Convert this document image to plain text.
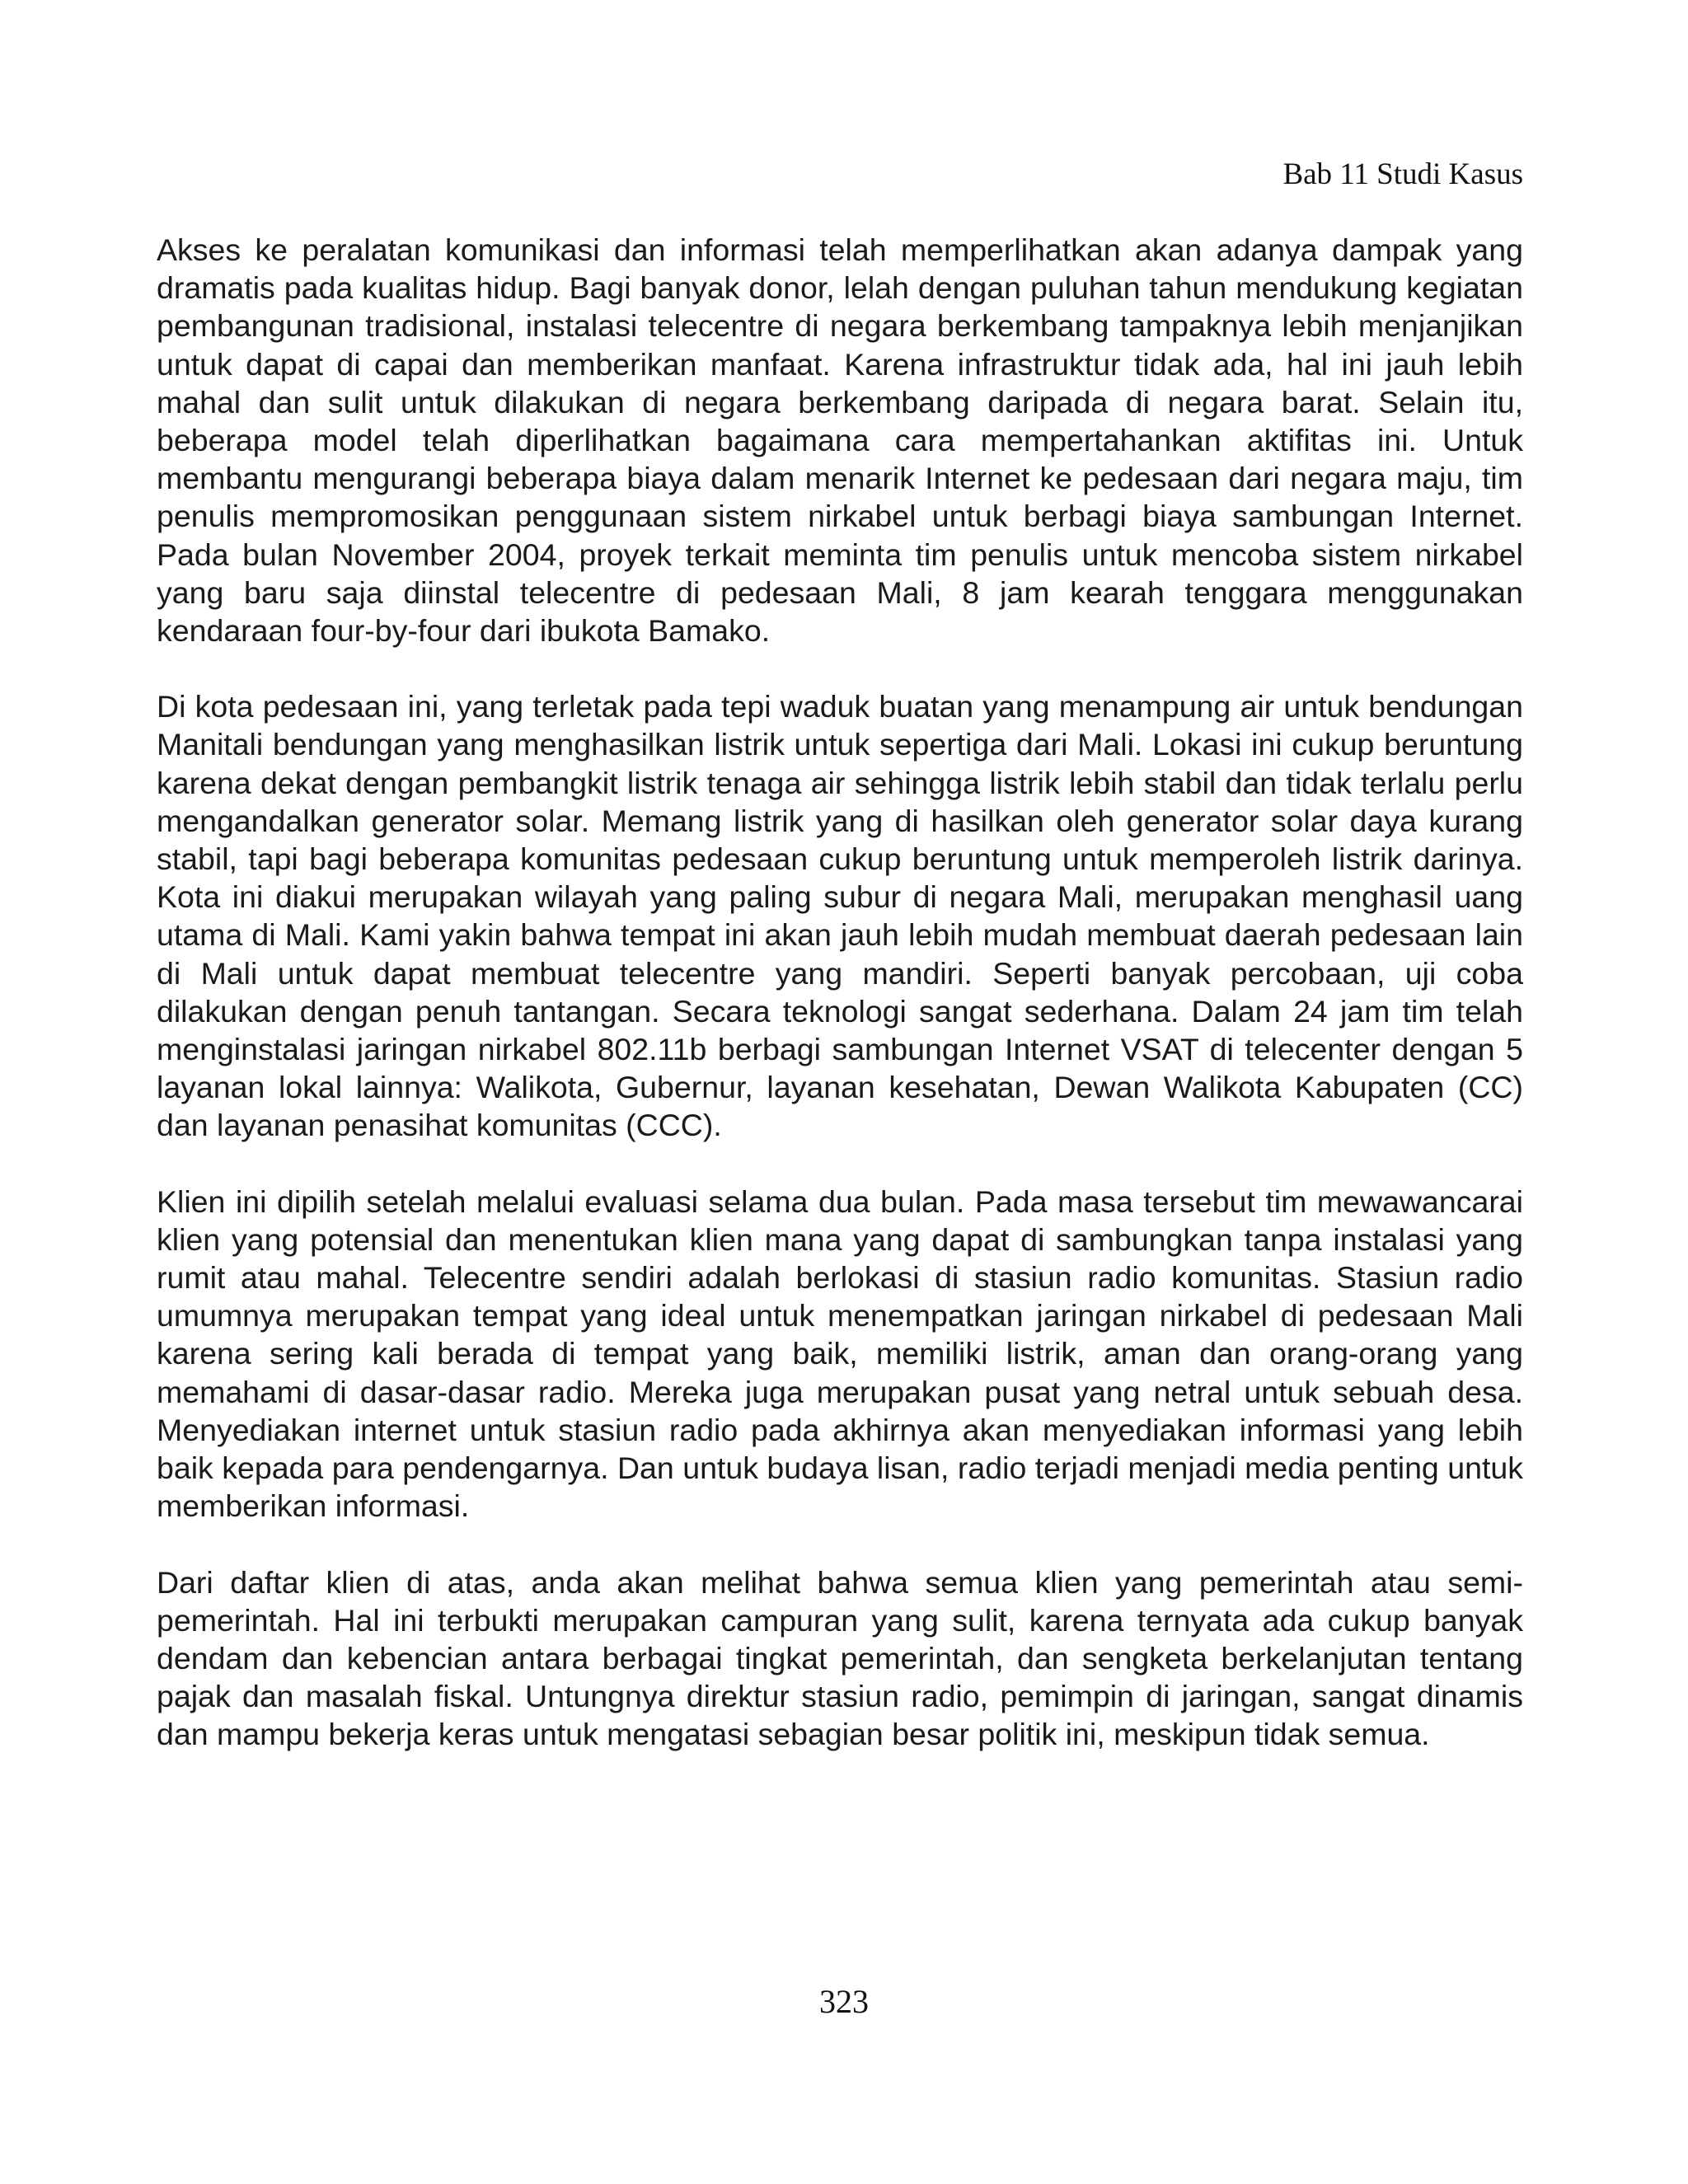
Bab 11 Studi Kasus

Akses ke peralatan komunikasi dan informasi telah memperlihatkan akan adanya dampak yang dramatis pada kualitas hidup. Bagi banyak donor, lelah dengan puluhan tahun mendukung kegiatan pembangunan tradisional, instalasi telecentre di negara berkembang tampaknya lebih menjanjikan untuk dapat di capai dan memberikan manfaat. Karena infrastruktur tidak ada, hal ini jauh lebih mahal dan sulit untuk dilakukan di negara berkembang daripada di negara barat. Selain itu, beberapa model telah diperlihatkan bagaimana cara mempertahankan aktifitas ini. Untuk membantu mengurangi beberapa biaya dalam menarik Internet ke pedesaan dari negara maju, tim penulis mempromosikan penggunaan sistem nirkabel untuk berbagi biaya sambungan Internet. Pada bulan November 2004, proyek terkait meminta tim penulis untuk mencoba sistem nirkabel yang baru saja diinstal telecentre di pedesaan Mali, 8 jam kearah tenggara menggunakan kendaraan four-by-four dari ibukota Bamako.

Di kota pedesaan ini, yang terletak pada tepi waduk buatan yang menampung air untuk bendungan Manitali bendungan yang menghasilkan listrik untuk sepertiga dari Mali. Lokasi ini cukup beruntung karena dekat dengan pembangkit listrik tenaga air sehingga listrik lebih stabil dan tidak terlalu perlu mengandalkan generator solar. Memang listrik yang di hasilkan oleh generator solar daya kurang stabil, tapi bagi beberapa komunitas pedesaan cukup beruntung untuk memperoleh listrik darinya. Kota ini diakui merupakan wilayah yang paling subur di negara Mali, merupakan menghasil uang utama di Mali. Kami yakin bahwa tempat ini akan jauh lebih mudah membuat daerah pedesaan lain di Mali untuk dapat membuat telecentre yang mandiri. Seperti banyak percobaan, uji coba dilakukan dengan penuh tantangan. Secara teknologi sangat sederhana. Dalam 24 jam tim telah menginstalasi jaringan nirkabel 802.11b berbagi sambungan Internet VSAT di telecenter dengan 5 layanan lokal lainnya: Walikota, Gubernur, layanan kesehatan, Dewan Walikota Kabupaten (CC) dan layanan penasihat komunitas (CCC).

Klien ini dipilih setelah melalui evaluasi selama dua bulan. Pada masa tersebut tim mewawancarai klien yang potensial dan menentukan klien mana yang dapat di sambungkan tanpa instalasi yang rumit atau mahal. Telecentre sendiri adalah berlokasi di stasiun radio komunitas. Stasiun radio umumnya merupakan tempat yang ideal untuk menempatkan jaringan nirkabel di pedesaan Mali karena sering kali berada di tempat yang baik, memiliki listrik, aman dan orang-orang yang memahami di dasar-dasar radio. Mereka juga merupakan pusat yang netral untuk sebuah desa. Menyediakan internet untuk stasiun radio pada akhirnya akan menyediakan informasi yang lebih baik kepada para pendengarnya. Dan untuk budaya lisan, radio terjadi menjadi media penting untuk memberikan informasi.

Dari daftar klien di atas, anda akan melihat bahwa semua klien yang pemerintah atau semi-pemerintah. Hal ini terbukti merupakan campuran yang sulit, karena ternyata ada cukup banyak dendam dan kebencian antara berbagai tingkat pemerintah, dan sengketa berkelanjutan tentang pajak dan masalah fiskal. Untungnya direktur stasiun radio, pemimpin di jaringan, sangat dinamis dan mampu bekerja keras untuk mengatasi sebagian besar politik ini, meskipun tidak semua.

323
